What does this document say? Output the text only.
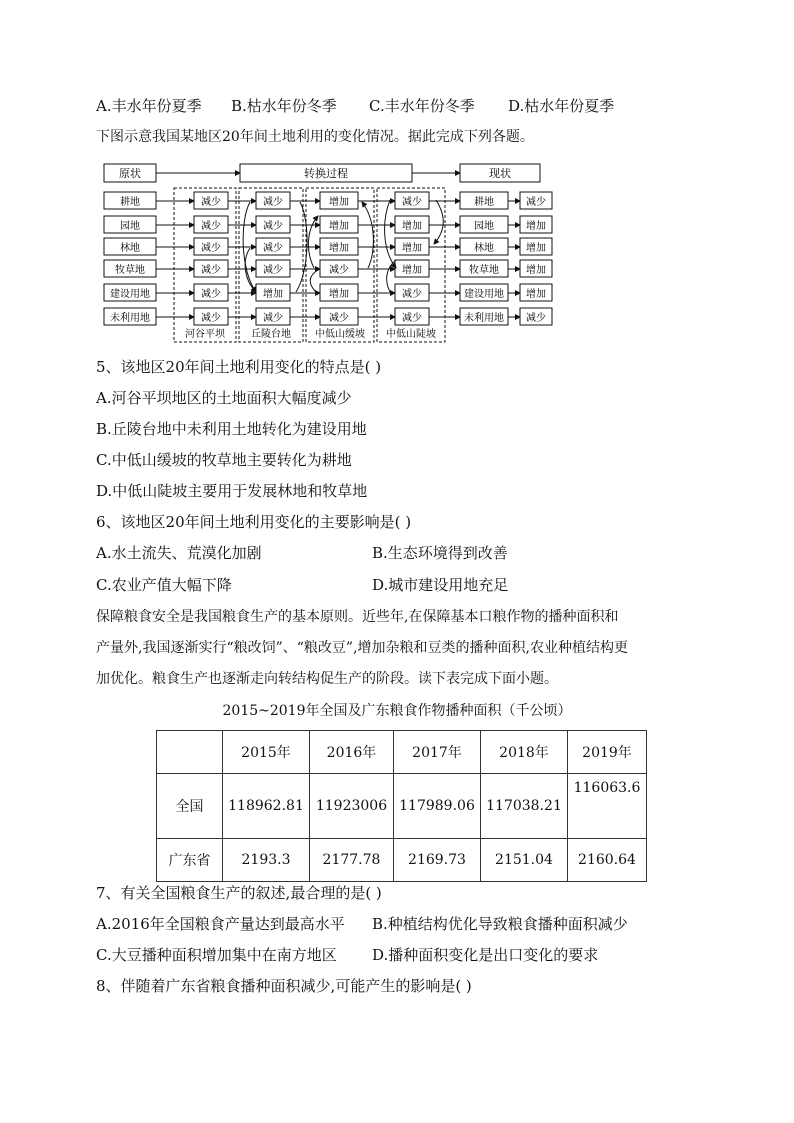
A.丰水年份夏季 B.枯水年份冬季 C.丰水年份冬季 D.枯水年份夏季
下图示意我国某地区20年间土地利用的变化情况。据此完成下列各题。
原状	转换过程	现状
耕地	减少	减少	增加	减少	耕地	减少
园地	减少	减少	增加	增加	园地	增加
林地	减少	减少	增加	增加	林地	增加
牧草地	减少	减少	减少	增加	牧草地	增加
建设用地	减少	增加	增加	减少	建设用地 增加
未利用地	减少	减少	减少	减少	未利用地 减少
河谷平坝	丘陵台地 中低山缓坡 中低山陡坡
5、该地区20年间土地利用变化的特点是( )
A.河谷平坝地区的土地面积大幅度减少
B.丘陵台地中未利用土地转化为建设用地
C.中低山缓坡的牧草地主要转化为耕地
D.中低山陡坡主要用于发展林地和牧草地
6、该地区20年间土地利用变化的主要影响是( )
A.水土流失、荒漠化加剧	B.生态环境得到改善
C.农业产值大幅下降	D.城市建设用地充足
保障粮食安全是我国粮食生产的基本原则。近些年,在保障基本口粮作物的播种面积和
产量外,我国逐渐实行“粮改饲”、“粮改豆”,增加杂粮和豆类的播种面积,农业种植结构更
加优化。粮食生产也逐渐走向转结构促生产的阶段。读下表完成下面小题。
2015~2019年全国及广东粮食作物播种面积（千公顷）
	2015年	2016年	2017年	2018年	2019年
全国	118962.81	11923006	117989.06	117038.21	116063.6
广东省	2193.3	2177.78	2169.73	2151.04	2160.64
7、有关全国粮食生产的叙述,最合理的是( )
A.2016年全国粮食产量达到最高水平 B.种植结构优化导致粮食播种面积减少
C.大豆播种面积增加集中在南方地区 D.播种面积变化是出口变化的要求
8、伴随着广东省粮食播种面积减少,可能产生的影响是( )
